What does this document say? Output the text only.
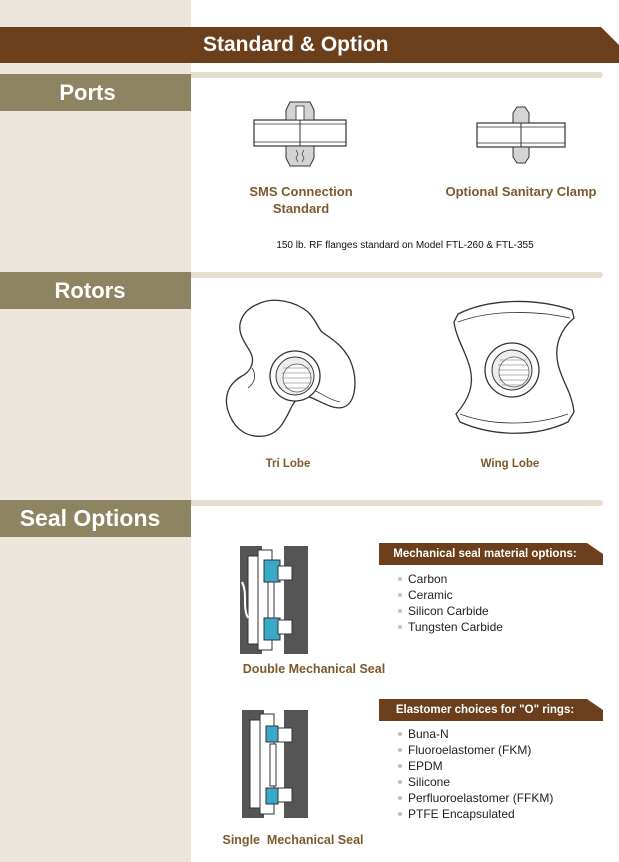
Standard & Option
Ports
SMS Connection
Standard
Optional Sanitary Clamp
150 lb. RF flanges standard on Model FTL-260 & FTL-355
Rotors
Tri Lobe	Wing Lobe
Seal Options
Double Mechanical Seal
Single  Mechanical Seal
Mechanical seal material options:
Carbon
Ceramic
Silicon Carbide
Tungsten Carbide
Elastomer choices for "O" rings:
Buna-N
Fluoroelastomer (FKM)
EPDM
Silicone
Perfluoroelastomer (FFKM)
PTFE Encapsulated
